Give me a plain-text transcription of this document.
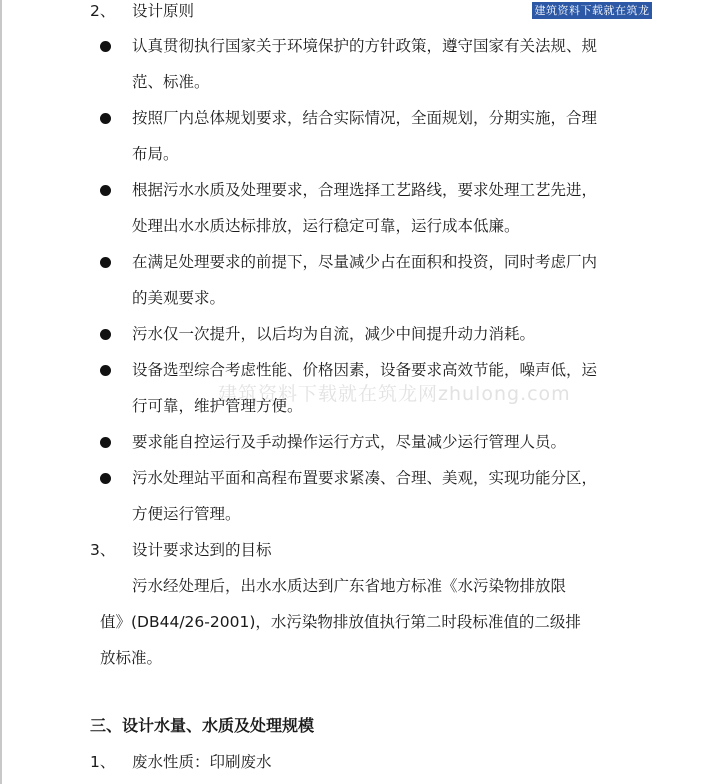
建筑资料下载就在筑龙网
建筑资料下载就在筑龙网zhulong.com
2、 设计原则
认真贯彻执行国家关于环境保护的方针政策，遵守国家有关法规、规
范、标准。
按照厂内总体规划要求，结合实际情况，全面规划，分期实施，合理
布局。
根据污水水质及处理要求，合理选择工艺路线，要求处理工艺先进，
处理出水水质达标排放，运行稳定可靠，运行成本低廉。
在满足处理要求的前提下，尽量减少占在面积和投资，同时考虑厂内
的美观要求。
污水仅一次提升，以后均为自流，减少中间提升动力消耗。
设备选型综合考虑性能、价格因素，设备要求高效节能，噪声低，运
行可靠，维护管理方便。
要求能自控运行及手动操作运行方式，尽量减少运行管理人员。
污水处理站平面和高程布置要求紧凑、合理、美观，实现功能分区，
方便运行管理。
3、 设计要求达到的目标
污水经处理后，出水水质达到广东省地方标准《水污染物排放限
值》(DB44/26-2001)，水污染物排放值执行第二时段标准值的二级排
放标准。
三、设计水量、水质及处理规模
1、 废水性质：印刷废水
